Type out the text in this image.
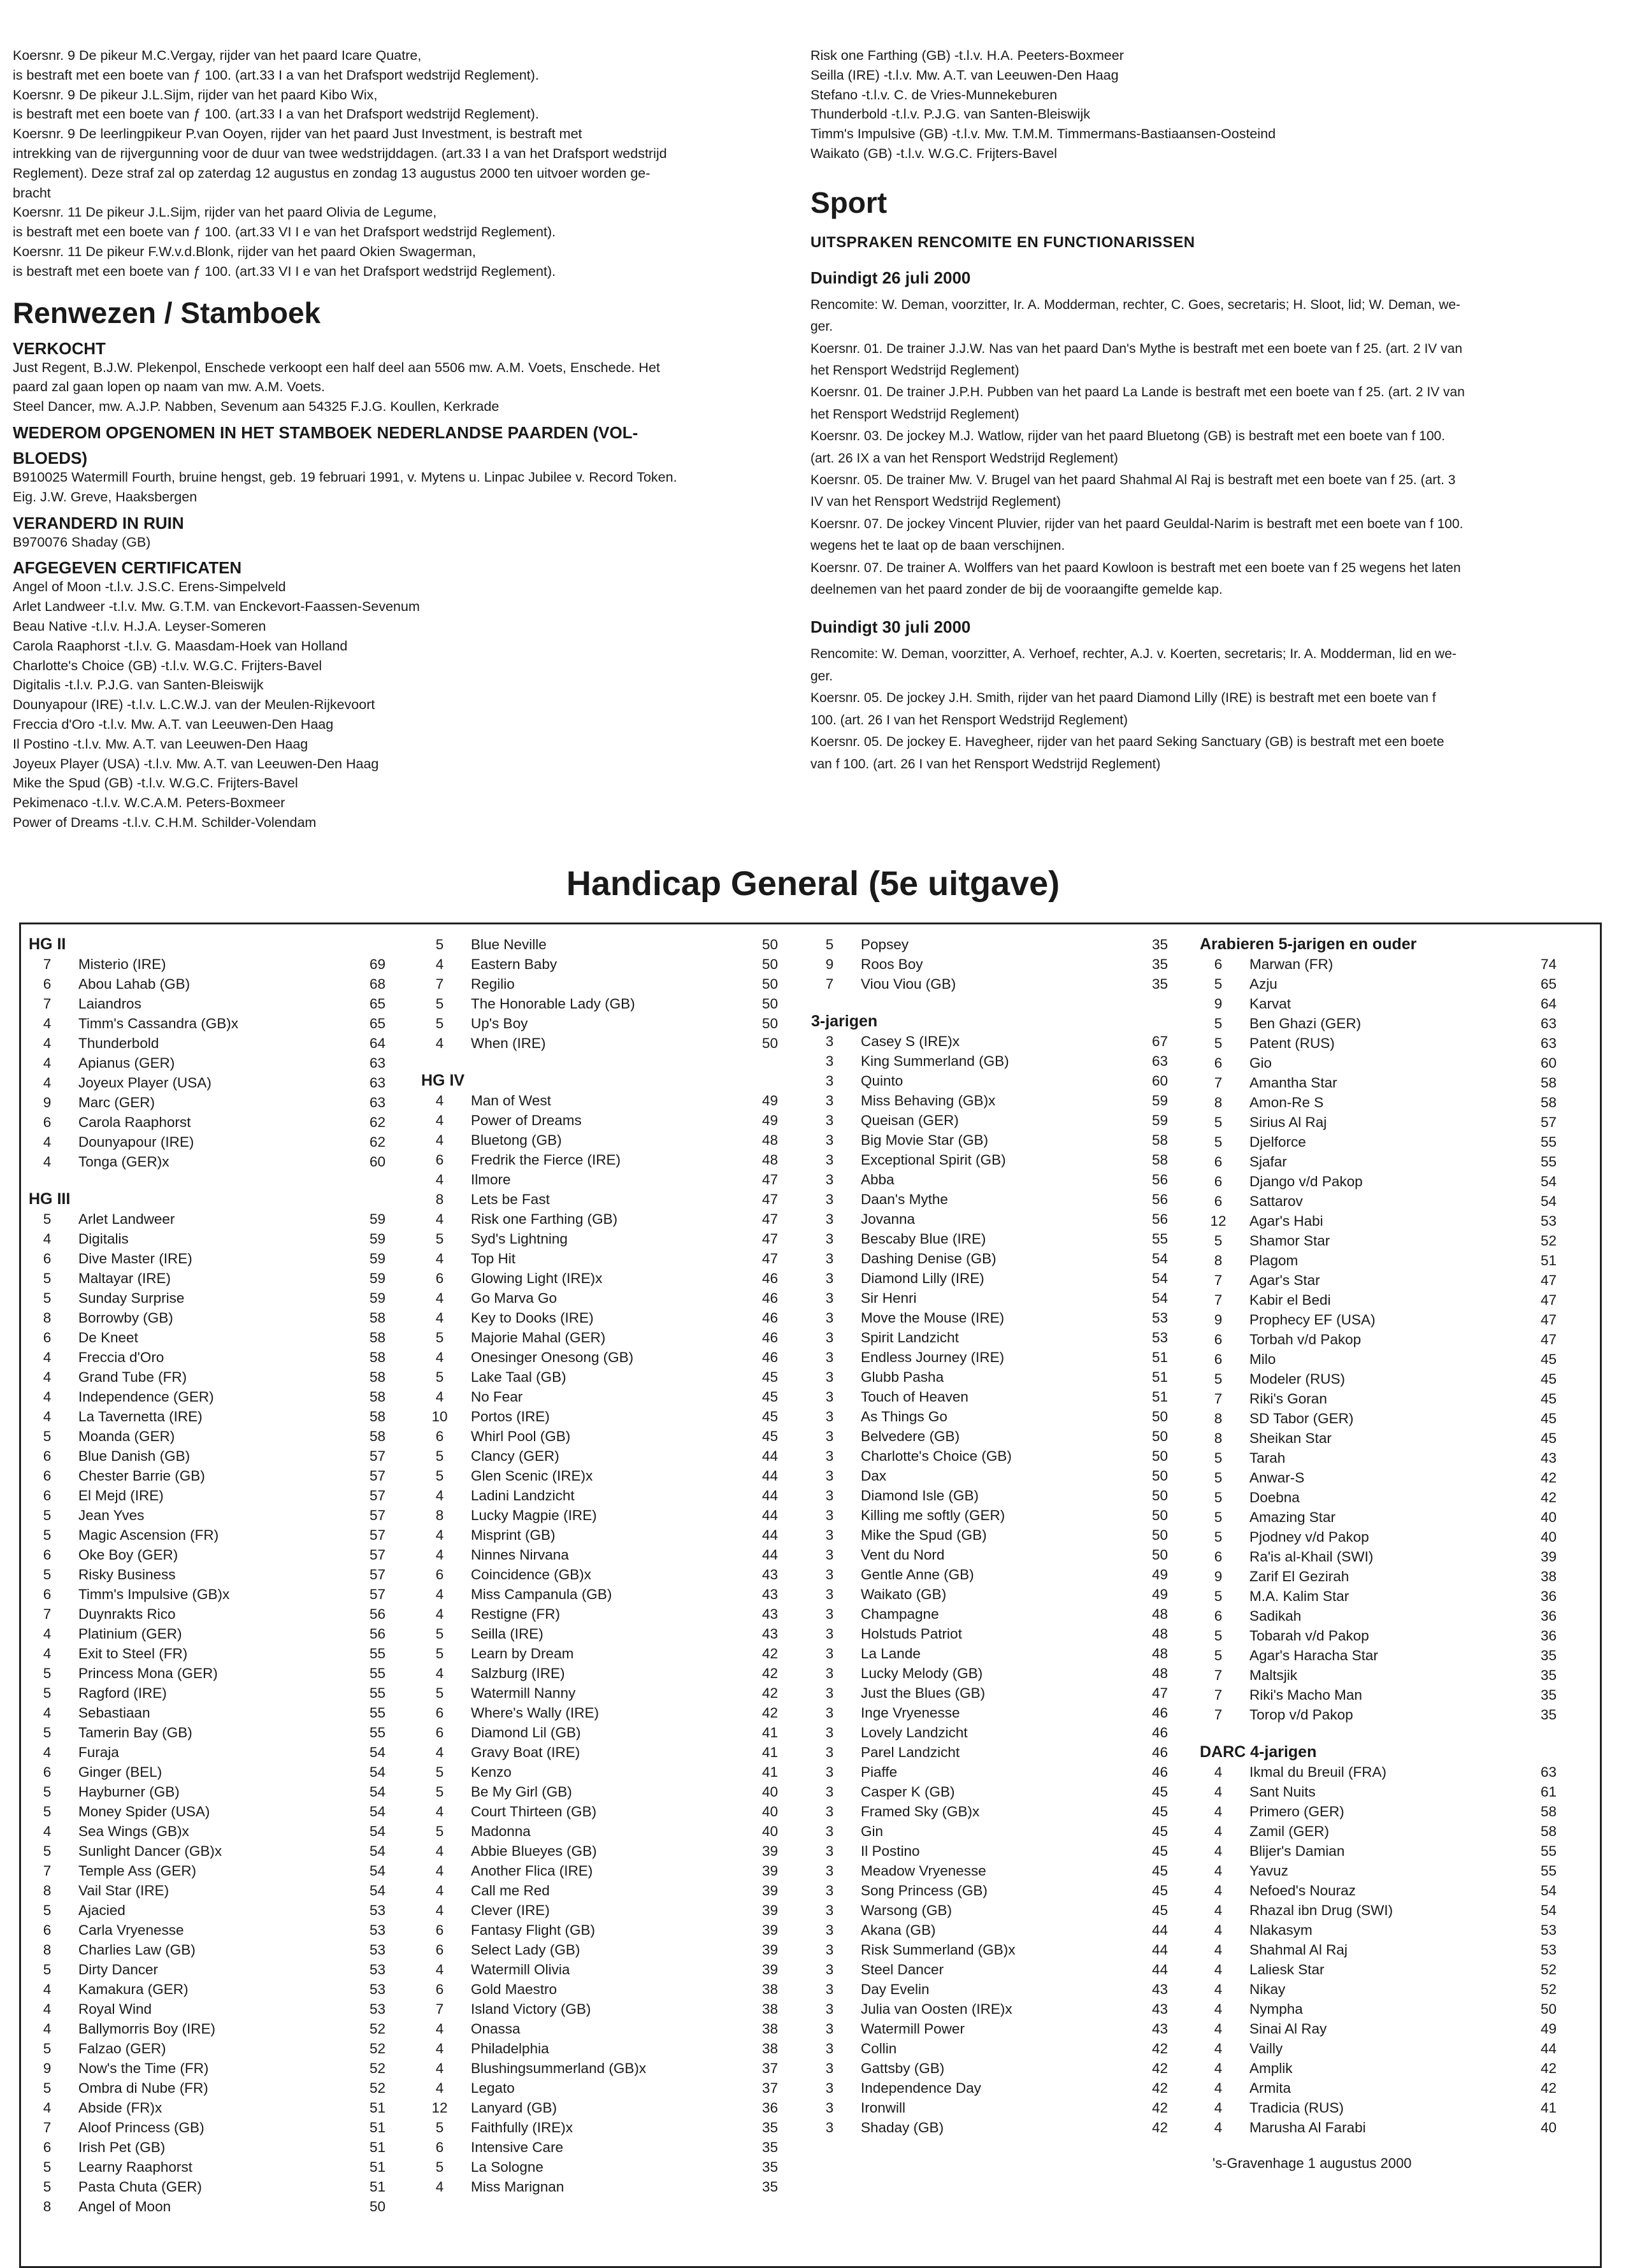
Koersnr. 9 De pikeur M.C.Vergay, rijder van het paard Icare Quatre,

is bestraft met een boete van ƒ 100. (art.33 I a van het Drafsport wedstrijd Reglement).

Koersnr. 9 De pikeur J.L.Sijm, rijder van het paard Kibo Wix,

is bestraft met een boete van ƒ 100. (art.33 I a van het Drafsport wedstrijd Reglement).

Koersnr. 9 De leerlingpikeur P.van Ooyen, rijder van het paard Just Investment, is bestraft met

intrekking van de rijvergunning voor de duur van twee wedstrijddagen. (art.33 I a van het Drafsport wedstrijd

Reglement). Deze straf zal op zaterdag 12 augustus en zondag 13 augustus 2000 ten uitvoer worden ge-

bracht

Koersnr. 11 De pikeur J.L.Sijm, rijder van het paard Olivia de Legume,

is bestraft met een boete van ƒ 100. (art.33 VI I e van het Drafsport wedstrijd Reglement).

Koersnr. 11 De pikeur F.W.v.d.Blonk, rijder van het paard Okien Swagerman,

is bestraft met een boete van ƒ 100. (art.33 VI I e van het Drafsport wedstrijd Reglement).

Renwezen / Stamboek
VERKOCHT
Just Regent, B.J.W. Plekenpol, Enschede verkoopt een half deel aan 5506 mw. A.M. Voets, Enschede. Het
paard zal gaan lopen op naam van mw. A.M. Voets.
Steel Dancer, mw. A.J.P. Nabben, Sevenum aan 54325 F.J.G. Koullen, Kerkrade
WEDEROM OPGENOMEN IN HET STAMBOEK NEDERLANDSE PAARDEN (VOL-
BLOEDS)
B910025 Watermill Fourth, bruine hengst, geb. 19 februari 1991, v. Mytens u. Linpac Jubilee v. Record Token.
Eig. J.W. Greve, Haaksbergen
VERANDERD IN RUIN
B970076 Shaday (GB)
AFGEGEVEN CERTIFICATEN
Angel of Moon -t.l.v. J.S.C. Erens-Simpelveld
Arlet Landweer -t.l.v. Mw. G.T.M. van Enckevort-Faassen-Sevenum
Beau Native -t.l.v. H.J.A. Leyser-Someren
Carola Raaphorst -t.l.v. G. Maasdam-Hoek van Holland
Charlotte's Choice (GB) -t.l.v. W.G.C. Frijters-Bavel
Digitalis -t.l.v. P.J.G. van Santen-Bleiswijk
Dounyapour (IRE) -t.l.v. L.C.W.J. van der Meulen-Rijkevoort
Freccia d'Oro -t.l.v. Mw. A.T. van Leeuwen-Den Haag
Il Postino -t.l.v. Mw. A.T. van Leeuwen-Den Haag
Joyeux Player (USA) -t.l.v. Mw. A.T. van Leeuwen-Den Haag
Mike the Spud (GB) -t.l.v. W.G.C. Frijters-Bavel
Pekimenaco -t.l.v. W.C.A.M. Peters-Boxmeer
Power of Dreams -t.l.v. C.H.M. Schilder-Volendam
Risk one Farthing (GB) -t.l.v. H.A. Peeters-Boxmeer
Seilla (IRE) -t.l.v. Mw. A.T. van Leeuwen-Den Haag
Stefano -t.l.v. C. de Vries-Munnekeburen
Thunderbold -t.l.v. P.J.G. van Santen-Bleiswijk
Timm's Impulsive (GB) -t.l.v. Mw. T.M.M. Timmermans-Bastiaansen-Oosteind
Waikato (GB) -t.l.v. W.G.C. Frijters-Bavel
Sport
UITSPRAKEN RENCOMITE EN FUNCTIONARISSEN
Duindigt 26 juli 2000
Rencomite: W. Deman, voorzitter, Ir. A. Modderman, rechter, C. Goes, secretaris; H. Sloot, lid; W. Deman, we-
ger.
Koersnr. 01. De trainer J.J.W. Nas van het paard Dan's Mythe is bestraft met een boete van f 25. (art. 2 IV van
het Rensport Wedstrijd Reglement)
Koersnr. 01. De trainer J.P.H. Pubben van het paard La Lande is bestraft met een boete van f 25. (art. 2 IV van
het Rensport Wedstrijd Reglement)
Koersnr. 03. De jockey M.J. Watlow, rijder van het paard Bluetong (GB) is bestraft met een boete van f 100.
(art. 26 IX a van het Rensport Wedstrijd Reglement)
Koersnr. 05. De trainer Mw. V. Brugel van het paard Shahmal Al Raj is bestraft met een boete van f 25. (art. 3
IV van het Rensport Wedstrijd Reglement)
Koersnr. 07. De jockey Vincent Pluvier, rijder van het paard Geuldal-Narim is bestraft met een boete van f 100.
wegens het te laat op de baan verschijnen.
Koersnr. 07. De trainer A. Wolffers van het paard Kowloon is bestraft met een boete van f 25 wegens het laten
deelnemen van het paard zonder de bij de vooraangifte gemelde kap.
Duindigt 30 juli 2000
Rencomite: W. Deman, voorzitter, A. Verhoef, rechter, A.J. v. Koerten, secretaris; Ir. A. Modderman, lid en we-
ger.
Koersnr. 05. De jockey J.H. Smith, rijder van het paard Diamond Lilly (IRE) is bestraft met een boete van f
100. (art. 26 I van het Rensport Wedstrijd Reglement)
Koersnr. 05. De jockey E. Havegheer, rijder van het paard Seking Sanctuary (GB) is bestraft met een boete
van f 100. (art. 26 I van het Rensport Wedstrijd Reglement)
Handicap General (5e uitgave)
HG II
7	Misterio (IRE)	69
6	Abou Lahab (GB)	68
7	Laiandros	65
4	Timm's Cassandra (GB)x	65
4	Thunderbold	64
4	Apianus (GER)	63
4	Joyeux Player (USA)	63
9	Marc (GER)	63
6	Carola Raaphorst	62
4	Dounyapour (IRE)	62
4	Tonga (GER)x	60
HG III
5	Arlet Landweer	59
4	Digitalis	59
6	Dive Master (IRE)	59
5	Maltayar (IRE)	59
5	Sunday Surprise	59
8	Borrowby (GB)	58
6	De Kneet	58
4	Freccia d'Oro	58
4	Grand Tube (FR)	58
4	Independence (GER)	58
4	La Tavernetta (IRE)	58
5	Moanda (GER)	58
6	Blue Danish (GB)	57
6	Chester Barrie (GB)	57
6	El Mejd (IRE)	57
5	Jean Yves	57
5	Magic Ascension (FR)	57
6	Oke Boy (GER)	57
5	Risky Business	57
6	Timm's Impulsive (GB)x	57
7	Duynrakts Rico	56
4	Platinium (GER)	56
4	Exit to Steel (FR)	55
5	Princess Mona (GER)	55
5	Ragford (IRE)	55
4	Sebastiaan	55
5	Tamerin Bay (GB)	55
4	Furaja	54
6	Ginger (BEL)	54
5	Hayburner (GB)	54
5	Money Spider (USA)	54
4	Sea Wings (GB)x	54
5	Sunlight Dancer (GB)x	54
7	Temple Ass (GER)	54
8	Vail Star (IRE)	54
5	Ajacied	53
6	Carla Vryenesse	53
8	Charlies Law (GB)	53
5	Dirty Dancer	53
4	Kamakura (GER)	53
4	Royal Wind	53
4	Ballymorris Boy (IRE)	52
5	Falzao (GER)	52
9	Now's the Time (FR)	52
5	Ombra di Nube (FR)	52
4	Abside (FR)x	51
7	Aloof Princess (GB)	51
6	Irish Pet (GB)	51
5	Learny Raaphorst	51
5	Pasta Chuta (GER)	51
8	Angel of Moon	50
5	Blue Neville	50
4	Eastern Baby	50
7	Regilio	50
5	The Honorable Lady (GB)	50
5	Up's Boy	50
4	When (IRE)	50
HG IV
4	Man of West	49
4	Power of Dreams	49
4	Bluetong (GB)	48
6	Fredrik the Fierce (IRE)	48
4	Ilmore	47
8	Lets be Fast	47
4	Risk one Farthing (GB)	47
5	Syd's Lightning	47
4	Top Hit	47
6	Glowing Light (IRE)x	46
4	Go Marva Go	46
4	Key to Dooks (IRE)	46
5	Majorie Mahal (GER)	46
4	Onesinger Onesong (GB)	46
5	Lake Taal (GB)	45
4	No Fear	45
10	Portos (IRE)	45
6	Whirl Pool (GB)	45
5	Clancy (GER)	44
5	Glen Scenic (IRE)x	44
4	Ladini Landzicht	44
8	Lucky Magpie (IRE)	44
4	Misprint (GB)	44
4	Ninnes Nirvana	44
6	Coincidence (GB)x	43
4	Miss Campanula (GB)	43
4	Restigne (FR)	43
5	Seilla (IRE)	43
5	Learn by Dream	42
4	Salzburg (IRE)	42
5	Watermill Nanny	42
6	Where's Wally (IRE)	42
6	Diamond Lil (GB)	41
4	Gravy Boat (IRE)	41
5	Kenzo	41
5	Be My Girl (GB)	40
4	Court Thirteen (GB)	40
5	Madonna	40
4	Abbie Blueyes (GB)	39
4	Another Flica (IRE)	39
4	Call me Red	39
4	Clever (IRE)	39
6	Fantasy Flight (GB)	39
6	Select Lady (GB)	39
4	Watermill Olivia	39
6	Gold Maestro	38
7	Island Victory (GB)	38
4	Onassa	38
4	Philadelphia	38
4	Blushingsummerland (GB)x	37
4	Legato	37
12	Lanyard (GB)	36
5	Faithfully (IRE)x	35
6	Intensive Care	35
5	La Sologne	35
4	Miss Marignan	35
5	Popsey	35
9	Roos Boy	35
7	Viou Viou (GB)	35
3-jarigen
3	Casey S (IRE)x	67
3	King Summerland (GB)	63
3	Quinto	60
3	Miss Behaving (GB)x	59
3	Queisan (GER)	59
3	Big Movie Star (GB)	58
3	Exceptional Spirit (GB)	58
3	Abba	56
3	Daan's Mythe	56
3	Jovanna	56
3	Bescaby Blue (IRE)	55
3	Dashing Denise (GB)	54
3	Diamond Lilly (IRE)	54
3	Sir Henri	54
3	Move the Mouse (IRE)	53
3	Spirit Landzicht	53
3	Endless Journey (IRE)	51
3	Glubb Pasha	51
3	Touch of Heaven	51
3	As Things Go	50
3	Belvedere (GB)	50
3	Charlotte's Choice (GB)	50
3	Dax	50
3	Diamond Isle (GB)	50
3	Killing me softly (GER)	50
3	Mike the Spud (GB)	50
3	Vent du Nord	50
3	Gentle Anne (GB)	49
3	Waikato (GB)	49
3	Champagne	48
3	Holstuds Patriot	48
3	La Lande	48
3	Lucky Melody (GB)	48
3	Just the Blues (GB)	47
3	Inge Vryenesse	46
3	Lovely Landzicht	46
3	Parel Landzicht	46
3	Piaffe	46
3	Casper K (GB)	45
3	Framed Sky (GB)x	45
3	Gin	45
3	Il Postino	45
3	Meadow Vryenesse	45
3	Song Princess (GB)	45
3	Warsong (GB)	45
3	Akana (GB)	44
3	Risk Summerland (GB)x	44
3	Steel Dancer	44
3	Day Evelin	43
3	Julia van Oosten (IRE)x	43
3	Watermill Power	43
3	Collin	42
3	Gattsby (GB)	42
3	Independence Day	42
3	Ironwill	42
3	Shaday (GB)	42
Arabieren 5-jarigen en ouder
6	Marwan (FR)	74
5	Azju	65
9	Karvat	64
5	Ben Ghazi (GER)	63
5	Patent (RUS)	63
6	Gio	60
7	Amantha Star	58
8	Amon-Re S	58
5	Sirius Al Raj	57
5	Djelforce	55
6	Sjafar	55
6	Django v/d Pakop	54
6	Sattarov	54
12	Agar's Habi	53
5	Shamor Star	52
8	Plagom	51
7	Agar's Star	47
7	Kabir el Bedi	47
9	Prophecy EF (USA)	47
6	Torbah v/d Pakop	47
6	Milo	45
5	Modeler (RUS)	45
7	Riki's Goran	45
8	SD Tabor (GER)	45
8	Sheikan Star	45
5	Tarah	43
5	Anwar-S	42
5	Doebna	42
5	Amazing Star	40
5	Pjodney v/d Pakop	40
6	Ra'is al-Khail (SWI)	39
9	Zarif El Gezirah	38
5	M.A. Kalim Star	36
6	Sadikah	36
5	Tobarah v/d Pakop	36
5	Agar's Haracha Star	35
7	Maltsjik	35
7	Riki's Macho Man	35
7	Torop v/d Pakop	35
DARC 4-jarigen
4	Ikmal du Breuil (FRA)	63
4	Sant Nuits	61
4	Primero (GER)	58
4	Zamil (GER)	58
4	Blijer's Damian	55
4	Yavuz	55
4	Nefoed's Nouraz	54
4	Rhazal ibn Drug (SWI)	54
4	Nlakasym	53
4	Shahmal Al Raj	53
4	Laliesk Star	52
4	Nikay	52
4	Nympha	50
4	Sinai Al Ray	49
4	Vailly	44
4	Amplik	42
4	Armita	42
4	Tradicia (RUS)	41
4	Marusha Al Farabi	40
's-Gravenhage 1 augustus 2000
